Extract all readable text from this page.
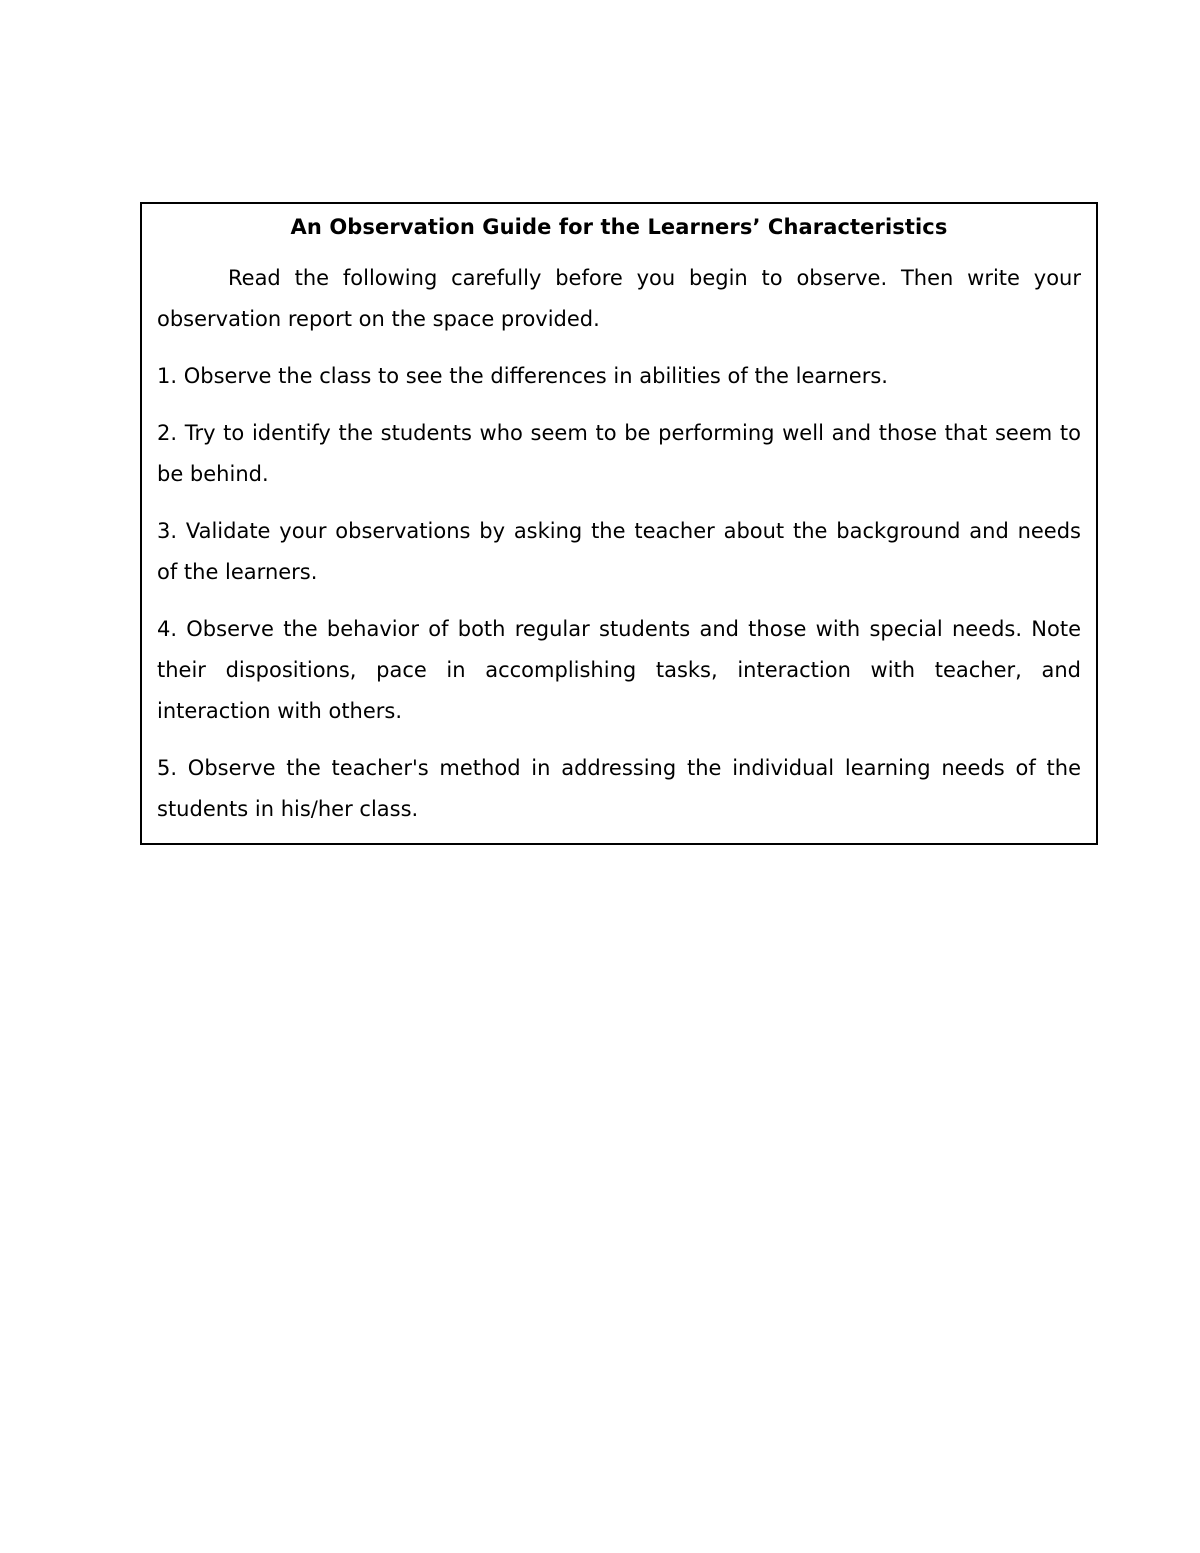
An Observation Guide for the Learners’ Characteristics

Read the following carefully before you begin to observe. Then write your observation report on the space provided.

1. Observe the class to see the differences in abilities of the learners.

2. Try to identify the students who seem to be performing well and those that seem to be behind.

3. Validate your observations by asking the teacher about the background and needs of the learners.

4. Observe the behavior of both regular students and those with special needs. Note their dispositions, pace in accomplishing tasks, interaction with teacher, and interaction with others.

5. Observe the teacher's method in addressing the individual learning needs of the students in his/her class.
